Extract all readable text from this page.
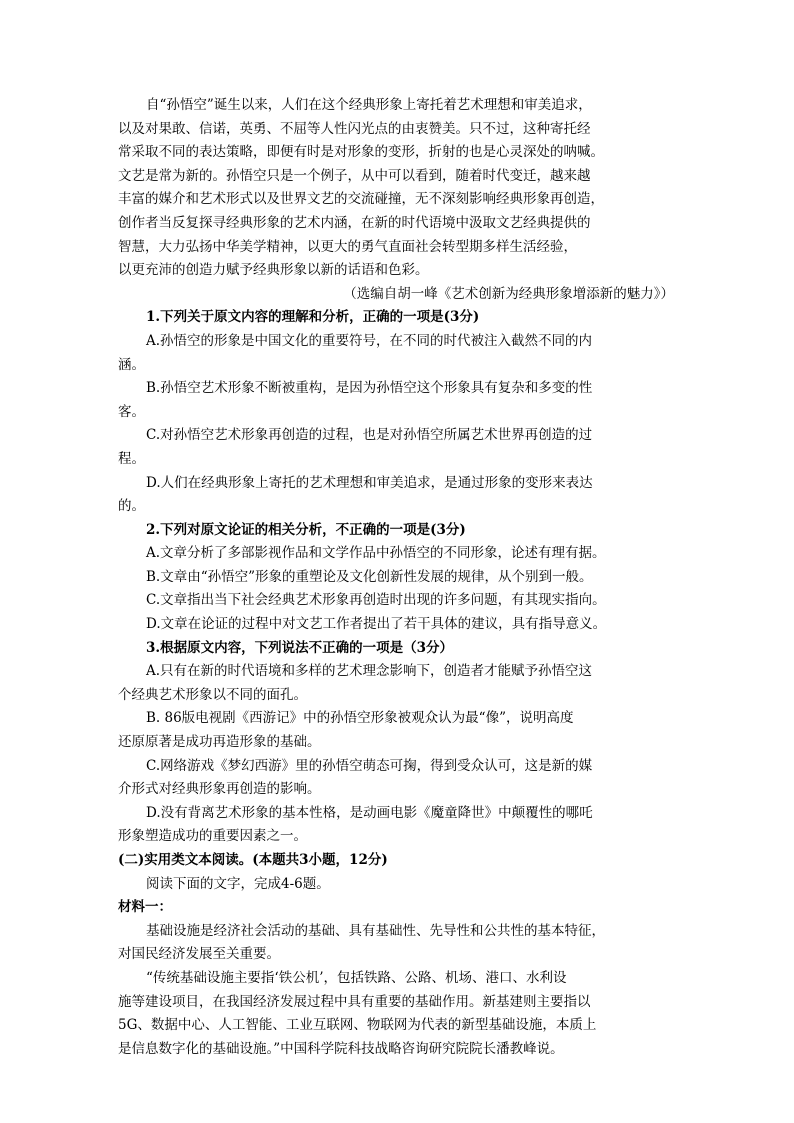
自“孙悟空”诞生以来，人们在这个经典形象上寄托着艺术理想和审美追求，
以及对果敢、信诺，英勇、不屈等人性闪光点的由衷赞美。只不过，这种寄托经
常采取不同的表达策略，即便有时是对形象的变形，折射的也是心灵深处的呐喊。
文艺是常为新的。孙悟空只是一个例子，从中可以看到，随着时代变迁，越来越
丰富的媒介和艺术形式以及世界文艺的交流碰撞，无不深刻影响经典形象再创造，
创作者当反复探寻经典形象的艺术内涵，在新的时代语境中汲取文艺经典提供的
智慧，大力弘扬中华美学精神，以更大的勇气直面社会转型期多样生活经验，
以更充沛的创造力赋予经典形象以新的话语和色彩。
（选编自胡一峰《艺术创新为经典形象增添新的魅力》）
1.下列关于原文内容的理解和分析，正确的一项是(3分)
A.孙悟空的形象是中国文化的重要符号，在不同的时代被注入截然不同的内
涵。
B.孙悟空艺术形象不断被重构，是因为孙悟空这个形象具有复杂和多变的性
客。
C.对孙悟空艺术形象再创造的过程，也是对孙悟空所属艺术世界再创造的过
程。
D.人们在经典形象上寄托的艺术理想和审美追求，是通过形象的变形来表达
的。
2.下列对原文论证的相关分析，不正确的一项是(3分)
A.文章分析了多部影视作品和文学作品中孙悟空的不同形象，论述有理有据。
B.文章由“孙悟空”形象的重塑论及文化创新性发展的规律，从个别到一般。
C.文章指出当下社会经典艺术形象再创造时出现的许多问题，有其现实指向。
D.文章在论证的过程中对文艺工作者提出了若干具体的建议，具有指导意义。
3.根据原文内容，下列说法不正确的一项是（3分）
A.只有在新的时代语境和多样的艺术理念影响下，创造者才能赋予孙悟空这
个经典艺术形象以不同的面孔。
B. 86版电视剧《西游记》中的孙悟空形象被观众认为最“像”，说明高度
还原原著是成功再造形象的基础。
C.网络游戏《梦幻西游》里的孙悟空萌态可掬，得到受众认可，这是新的媒
介形式对经典形象再创造的影响。
D.没有背离艺术形象的基本性格，是动画电影《魔童降世》中颠覆性的哪吒
形象塑造成功的重要因素之一。
(二)实用类文本阅读。(本题共3小题，12分)
阅读下面的文字，完成4-6题。
材料一：
基础设施是经济社会活动的基础、具有基础性、先导性和公共性的基本特征，
对国民经济发展至关重要。
“传统基础设施主要指‘铁公机’，包括铁路、公路、机场、港口、水利设
施等建设项目，在我国经济发展过程中具有重要的基础作用。新基建则主要指以
5G、数据中心、人工智能、工业互联网、物联网为代表的新型基础设施，本质上
是信息数字化的基础设施。”中国科学院科技战略咨询研究院院长潘教峰说。
